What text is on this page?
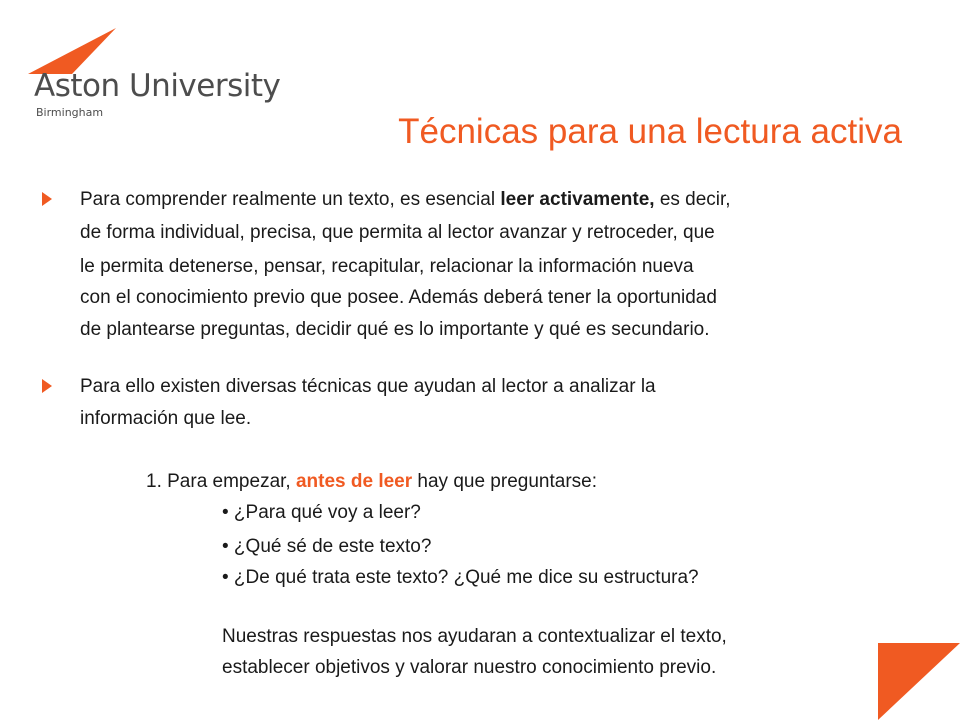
Aston University
Birmingham	Técnicas para una lectura activa
Para comprender realmente un texto, es esencial leer activamente, es decir,
de forma individual, precisa, que permita al lector avanzar y retroceder, que
le permita detenerse, pensar, recapitular, relacionar la información nueva
con el conocimiento previo que posee. Además deberá tener la oportunidad
de plantearse preguntas, decidir qué es lo importante y qué es secundario.
Para ello existen diversas técnicas que ayudan al lector a analizar la
información que lee.
1. Para empezar, antes de leer hay que preguntarse:
• ¿Para qué voy a leer?
• ¿Qué sé de este texto?
• ¿De qué trata este texto? ¿Qué me dice su estructura?
Nuestras respuestas nos ayudaran a contextualizar el texto,
establecer objetivos y valorar nuestro conocimiento previo.
